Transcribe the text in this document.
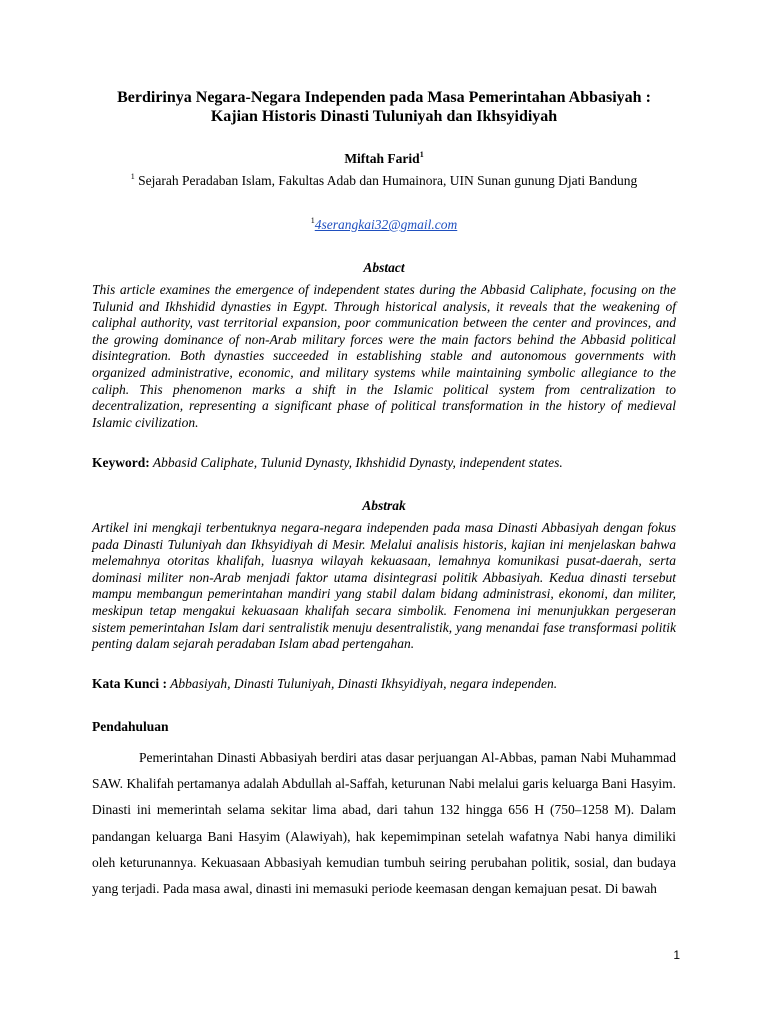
Berdirinya Negara-Negara Independen pada Masa Pemerintahan Abbasiyah : Kajian Historis Dinasti Tuluniyah dan Ikhsyidiyah
Miftah Farid$^1$
$^1$ Sejarah Peradaban Islam, Fakultas Adab dan Humainora, UIN Sunan gunung Djati Bandung
$^1$4serangkai32@gmail.com
Abstact

This article examines the emergence of independent states during the Abbasid Caliphate, focusing on the Tulunid and Ikhshidid dynasties in Egypt. Through historical analysis, it reveals that the weakening of caliphal authority, vast territorial expansion, poor communication between the center and provinces, and the growing dominance of non-Arab military forces were the main factors behind the Abbasid political disintegration. Both dynasties succeeded in establishing stable and autonomous governments with organized administrative, economic, and military systems while maintaining symbolic allegiance to the caliph. This phenomenon marks a shift in the Islamic political system from centralization to decentralization, representing a significant phase of political transformation in the history of medieval Islamic civilization.

Keyword: Abbasid Caliphate, Tulunid Dynasty, Ikhshidid Dynasty, independent states.
Abstrak

Artikel ini mengkaji terbentuknya negara-negara independen pada masa Dinasti Abbasiyah dengan fokus pada Dinasti Tuluniyah dan Ikhsyidiyah di Mesir. Melalui analisis historis, kajian ini menjelaskan bahwa melemahnya otoritas khalifah, luasnya wilayah kekuasaan, lemahnya komunikasi pusat-daerah, serta dominasi militer non-Arab menjadi faktor utama disintegrasi politik Abbasiyah. Kedua dinasti tersebut mampu membangun pemerintahan mandiri yang stabil dalam bidang administrasi, ekonomi, dan militer, meskipun tetap mengakui kekuasaan khalifah secara simbolik. Fenomena ini menunjukkan pergeseran sistem pemerintahan Islam dari sentralistik menuju desentralistik, yang menandai fase transformasi politik penting dalam sejarah peradaban Islam abad pertengahan.

Kata Kunci : Abbasiyah, Dinasti Tuluniyah, Dinasti Ikhsyidiyah, negara independen.
Pendahuluan

Pemerintahan Dinasti Abbasiyah berdiri atas dasar perjuangan Al-Abbas, paman Nabi Muhammad SAW. Khalifah pertamanya adalah Abdullah al-Saffah, keturunan Nabi melalui garis keluarga Bani Hasyim. Dinasti ini memerintah selama sekitar lima abad, dari tahun 132 hingga 656 H (750–1258 M). Dalam pandangan keluarga Bani Hasyim (Alawiyah), hak kepemimpinan setelah wafatnya Nabi hanya dimiliki oleh keturunannya. Kekuasaan Abbasiyah kemudian tumbuh seiring perubahan politik, sosial, dan budaya yang terjadi. Pada masa awal, dinasti ini memasuki periode keemasan dengan kemajuan pesat. Di bawah

1
